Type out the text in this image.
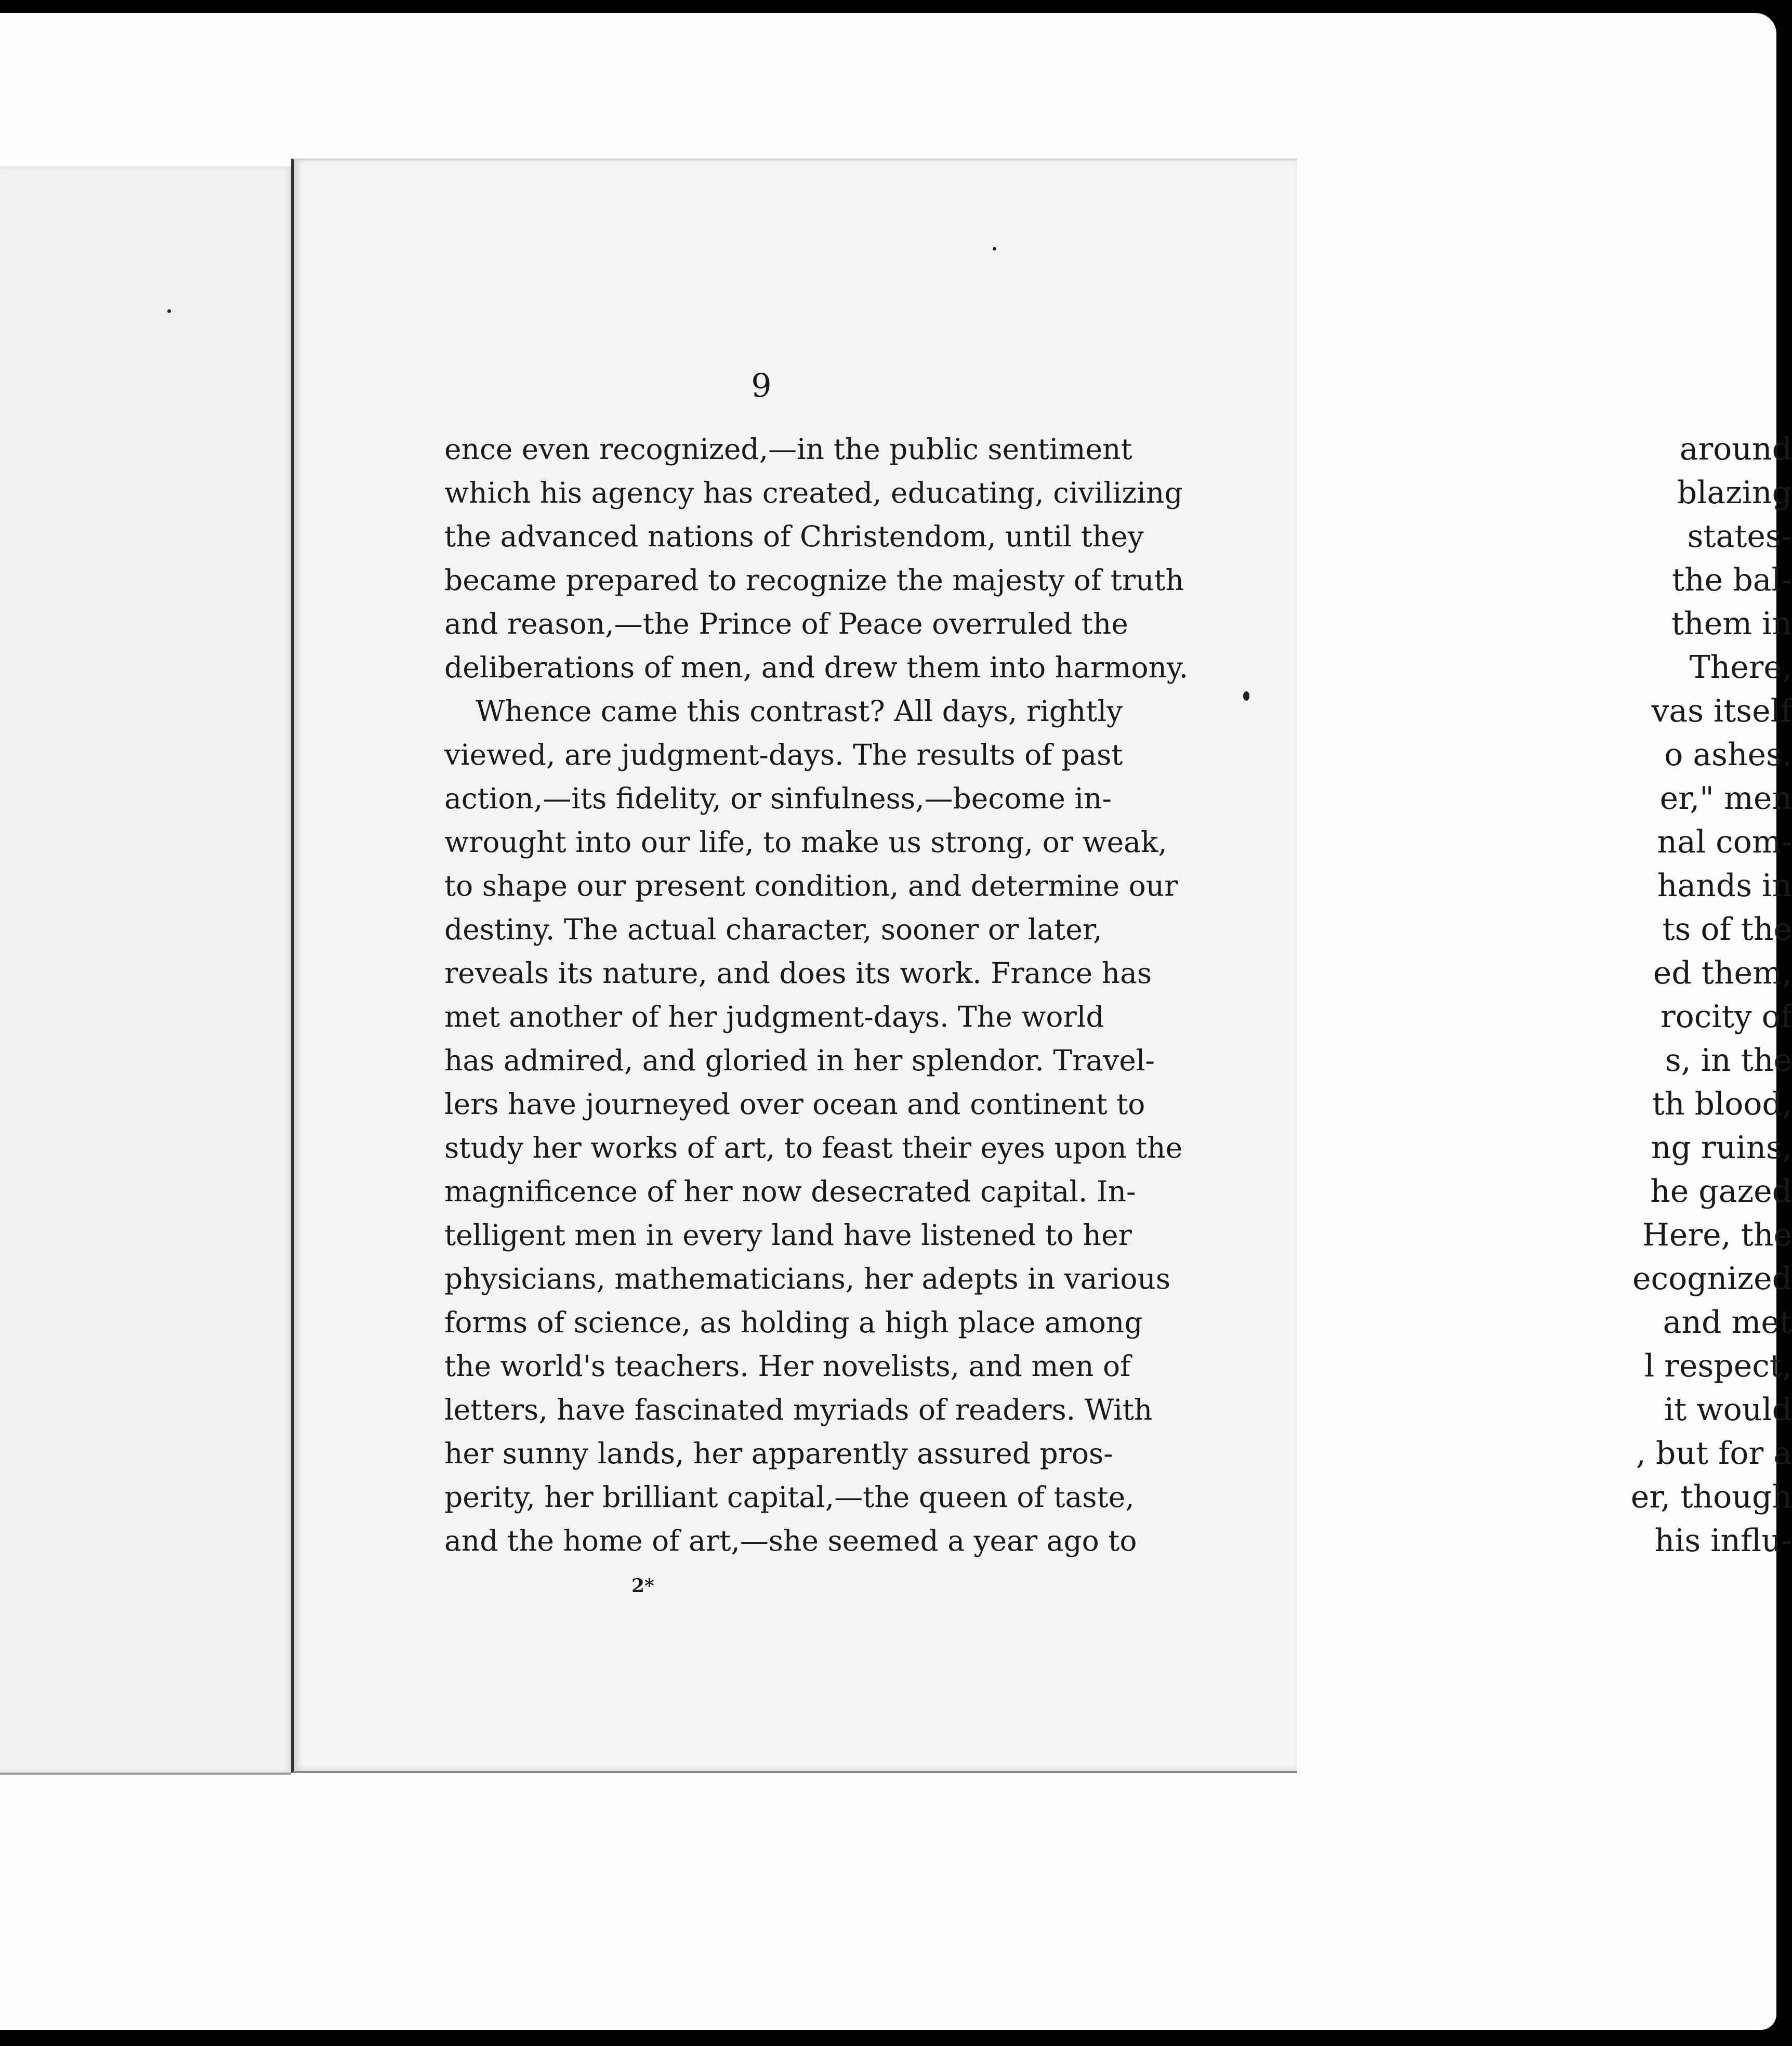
around
blazing
states-
the bal-
them in
There,
vas itself
o ashes.
er," men
nal com-
hands in
ts of the
ed them,
rocity of
s, in the
th blood,
ng ruins,
he gazed
Here, the
ecognized
and met
l respect,
it would
, but for a
er, though
his influ-
9
ence even recognized,—in the public sentiment
which his agency has created, educating, civilizing
the advanced nations of Christendom, until they
became prepared to recognize the majesty of truth
and reason,—the Prince of Peace overruled the
deliberations of men, and drew them into harmony.
Whence came this contrast? All days, rightly
viewed, are judgment-days. The results of past
action,—its fidelity, or sinfulness,—become in-
wrought into our life, to make us strong, or weak,
to shape our present condition, and determine our
destiny. The actual character, sooner or later,
reveals its nature, and does its work. France has
met another of her judgment-days. The world
has admired, and gloried in her splendor. Travel-
lers have journeyed over ocean and continent to
study her works of art, to feast their eyes upon the
magnificence of her now desecrated capital. In-
telligent men in every land have listened to her
physicians, mathematicians, her adepts in various
forms of science, as holding a high place among
the world's teachers. Her novelists, and men of
letters, have fascinated myriads of readers. With
her sunny lands, her apparently assured pros-
perity, her brilliant capital,—the queen of taste,
and the home of art,—she seemed a year ago to
2*
